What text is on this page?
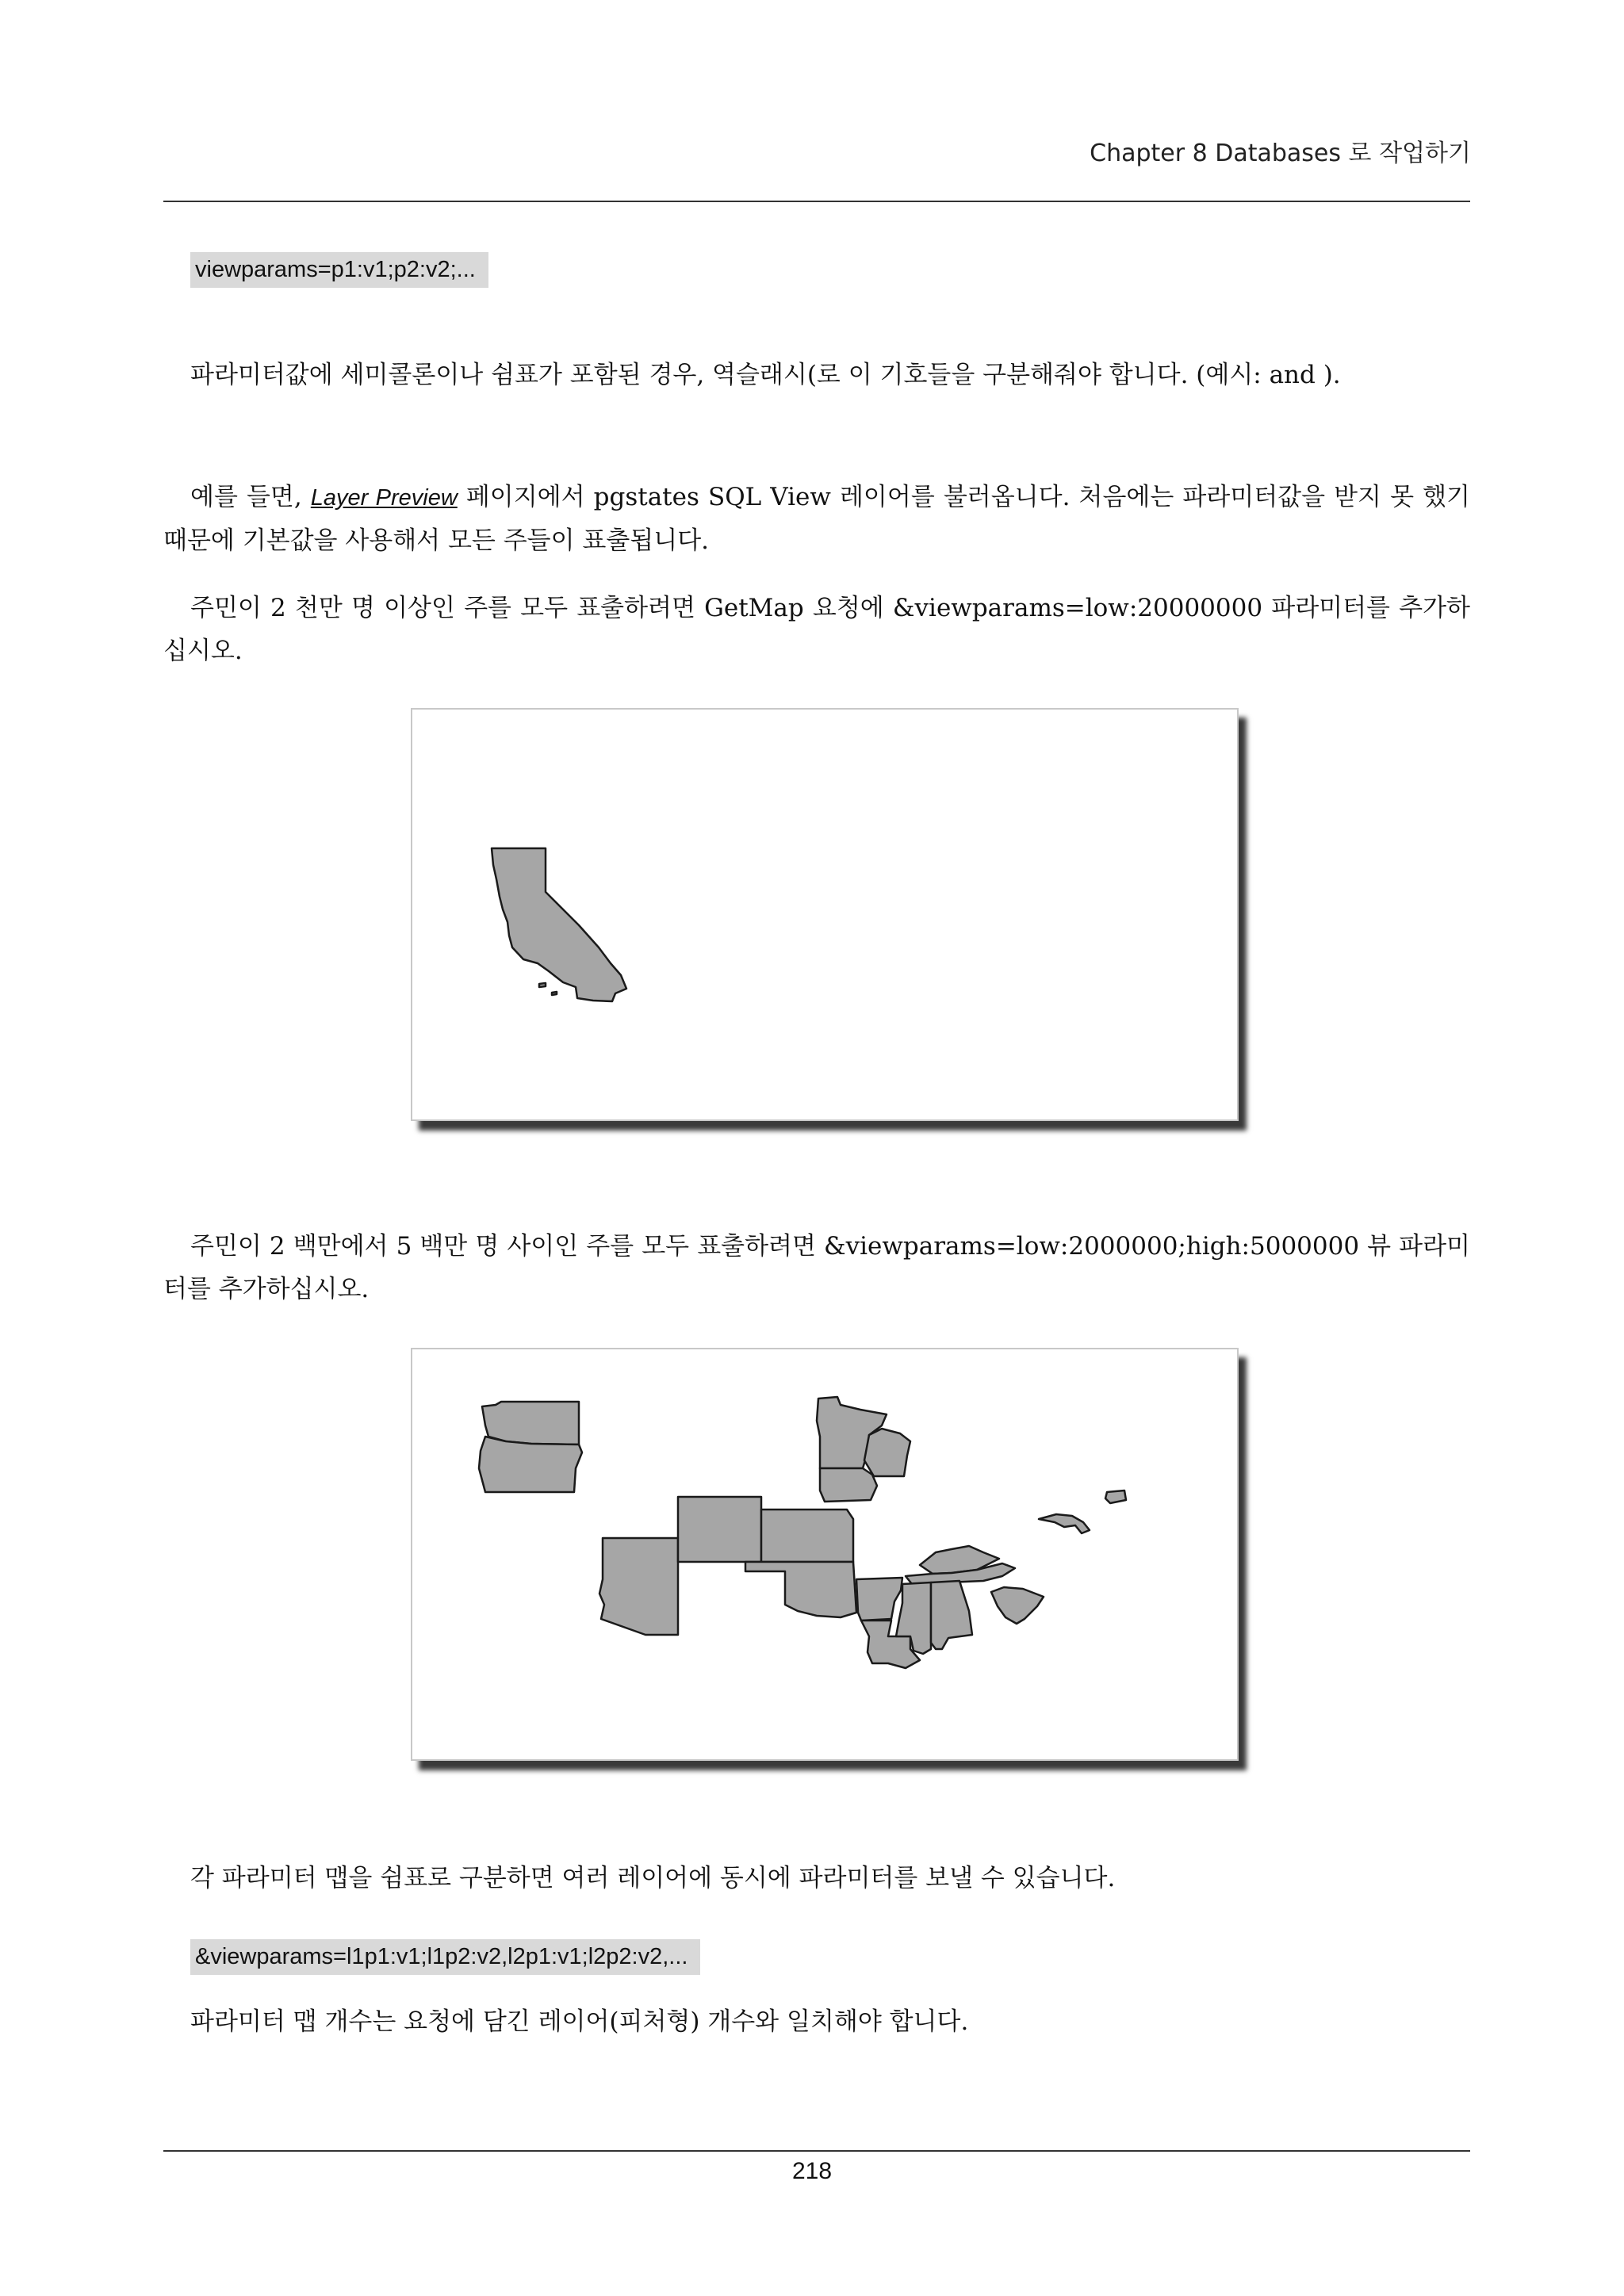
Chapter 8 Databases 로 작업하기
viewparams=p1:v1;p2:v2;...

파라미터값에 세미콜론이나 쉼표가 포함된 경우, 역슬래시(로 이 기호들을 구분해줘야 합니다. (예시: and ).

예를 들면, Layer Preview 페이지에서 pgstates SQL View 레이어를 불러옵니다. 처음에는 파라미터값을 받지 못 했기 때문에 기본값을 사용해서 모든 주들이 표출됩니다.

주민이 2 천만 명 이상인 주를 모두 표출하려면 GetMap 요청에 &viewparams=low:20000000 파라미터를 추가하십시오.

주민이 2 백만에서 5 백만 명 사이인 주를 모두 표출하려면 &viewparams=low:2000000;high:5000000 뷰 파라미터를 추가하십시오.

각 파라미터 맵을 쉼표로 구분하면 여러 레이어에 동시에 파라미터를 보낼 수 있습니다.

&viewparams=l1p1:v1;l1p2:v2,l2p1:v1;l2p2:v2,...

파라미터 맵 개수는 요청에 담긴 레이어(피처형) 개수와 일치해야 합니다.

218
